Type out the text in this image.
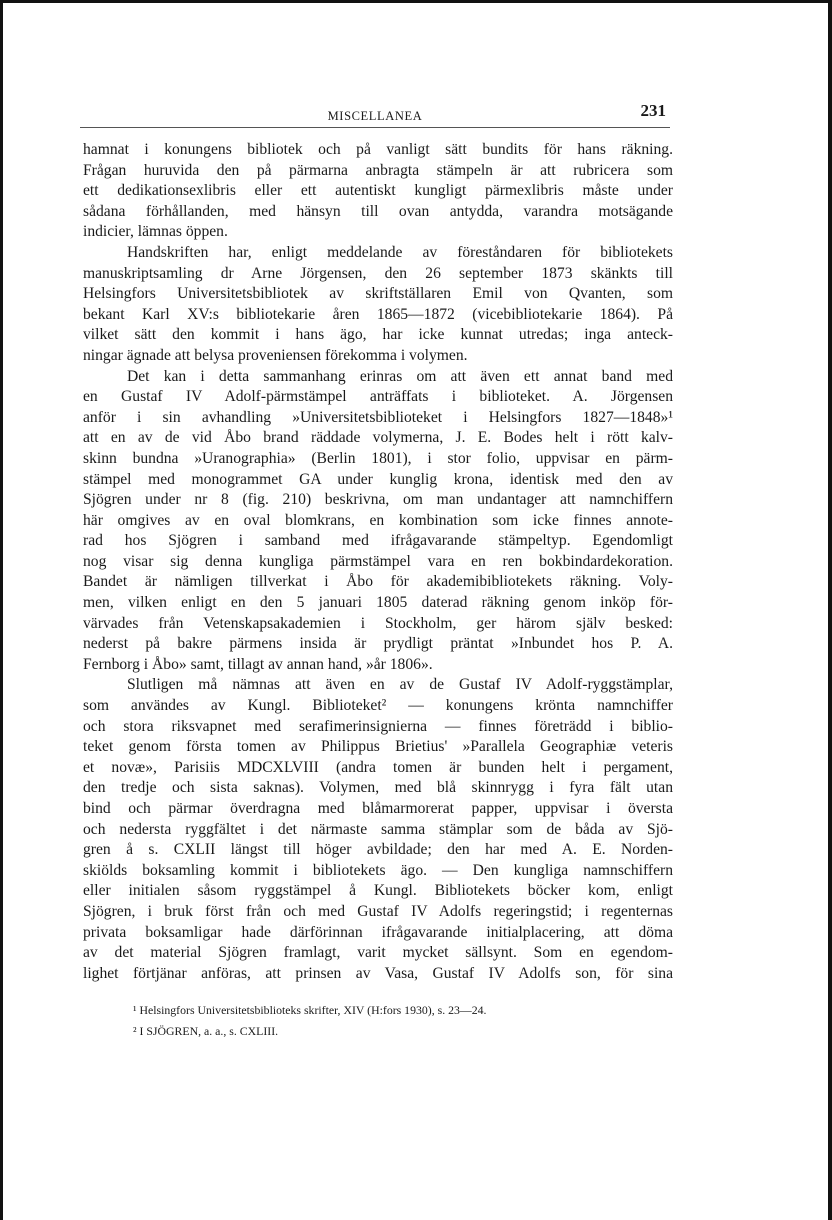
MISCELLANEA	231
hamnat i konungens bibliotek och på vanligt sätt bundits för hans räkning.
Frågan huruvida den på pärmarna anbragta stämpeln är att rubricera som
ett dedikationsexlibris eller ett autentiskt kungligt pärmexlibris måste under
sådana förhållanden, med hänsyn till ovan antydda, varandra motsägande
indicier, lämnas öppen.
Handskriften har, enligt meddelande av föreståndaren för bibliotekets
manuskriptsamling dr Arne Jörgensen, den 26 september 1873 skänkts till
Helsingfors Universitetsbibliotek av skriftställaren Emil von Qvanten, som
bekant Karl XV:s bibliotekarie åren 1865—1872 (vicebibliotekarie 1864). På
vilket sätt den kommit i hans ägo, har icke kunnat utredas; inga anteck-
ningar ägnade att belysa proveniensen förekomma i volymen.
Det kan i detta sammanhang erinras om att även ett annat band med
en Gustaf IV Adolf-pärmstämpel anträffats i biblioteket. A. Jörgensen
anför i sin avhandling »Universitetsbiblioteket i Helsingfors 1827—1848»¹
att en av de vid Åbo brand räddade volymerna, J. E. Bodes helt i rött kalv-
skinn bundna »Uranographia» (Berlin 1801), i stor folio, uppvisar en pärm-
stämpel med monogrammet GA under kunglig krona, identisk med den av
Sjögren under nr 8 (fig. 210) beskrivna, om man undantager att namnchiffern
här omgives av en oval blomkrans, en kombination som icke finnes annote-
rad hos Sjögren i samband med ifrågavarande stämpeltyp. Egendomligt
nog visar sig denna kungliga pärmstämpel vara en ren bokbindardekoration.
Bandet är nämligen tillverkat i Åbo för akademibibliotekets räkning. Voly-
men, vilken enligt en den 5 januari 1805 daterad räkning genom inköp för-
värvades från Vetenskapsakademien i Stockholm, ger härom själv besked:
nederst på bakre pärmens insida är prydligt präntat »Inbundet hos P. A.
Fernborg i Åbo» samt, tillagt av annan hand, »år 1806».
Slutligen må nämnas att även en av de Gustaf IV Adolf-ryggstämplar,
som användes av Kungl. Biblioteket² — konungens krönta namnchiffer
och stora riksvapnet med serafimerinsignierna — finnes företrädd i biblio-
teket genom första tomen av Philippus Brietius' »Parallela Geographiæ veteris
et novæ», Parisiis MDCXLVIII (andra tomen är bunden helt i pergament,
den tredje och sista saknas). Volymen, med blå skinnrygg i fyra fält utan
bind och pärmar överdragna med blåmarmorerat papper, uppvisar i översta
och nedersta ryggfältet i det närmaste samma stämplar som de båda av Sjö-
gren å s. CXLII längst till höger avbildade; den har med A. E. Norden-
skiölds boksamling kommit i bibliotekets ägo. — Den kungliga namnschiffern
eller initialen såsom ryggstämpel å Kungl. Bibliotekets böcker kom, enligt
Sjögren, i bruk först från och med Gustaf IV Adolfs regeringstid; i regenternas
privata boksamligar hade därförinnan ifrågavarande initialplacering, att döma
av det material Sjögren framlagt, varit mycket sällsynt. Som en egendom-
lighet förtjänar anföras, att prinsen av Vasa, Gustaf IV Adolfs son, för sina
¹ Helsingfors Universitetsbiblioteks skrifter, XIV (H:fors 1930), s. 23—24.
² I SJÖGREN, a. a., s. CXLIII.
